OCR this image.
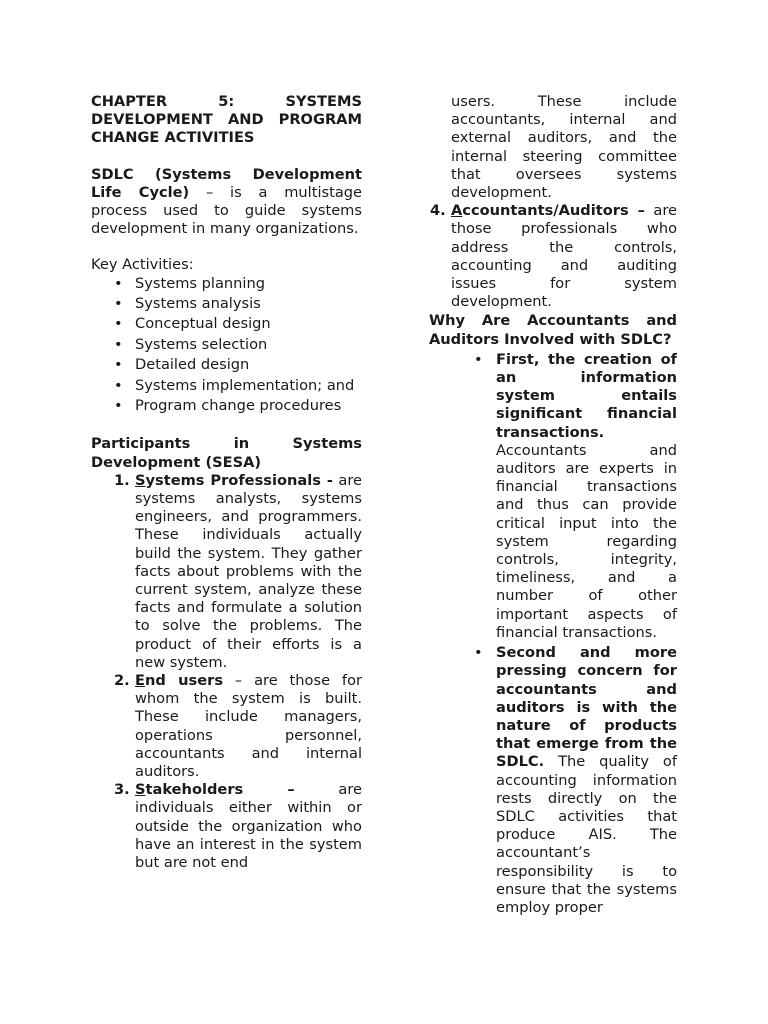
CHAPTER 5: SYSTEMS DEVELOPMENT AND PROGRAM CHANGE ACTIVITIES

SDLC (Systems Development Life Cycle) – is a multistage process used to guide systems development in many organizations.

Key Activities:

• Systems planning
• Systems analysis
• Conceptual design
• Systems selection
• Detailed design
• Systems implementation; and
• Program change procedures

Participants in Systems Development (SESA)

1. Systems Professionals - are systems analysts, systems engineers, and programmers. These individuals actually build the system. They gather facts about problems with the current system, analyze these facts and formulate a solution to solve the problems. The product of their efforts is a new system.
2. End users – are those for whom the system is built. These include managers, operations personnel, accountants and internal auditors.
3. Stakeholders – are individuals either within or outside the organization who have an interest in the system but are not end

users. These include accountants, internal and external auditors, and the internal steering committee that oversees systems development.

4. Accountants/Auditors – are those professionals who address the controls, accounting and auditing issues for system development.

Why Are Accountants and Auditors Involved with SDLC?

• First, the creation of an information system entails significant financial transactions. Accountants and auditors are experts in financial transactions and thus can provide critical input into the system regarding controls, integrity, timeliness, and a number of other important aspects of financial transactions.
• Second and more pressing concern for accountants and auditors is with the nature of products that emerge from the SDLC. The quality of accounting information rests directly on the SDLC activities that produce AIS. The accountant’s responsibility is to ensure that the systems employ proper
